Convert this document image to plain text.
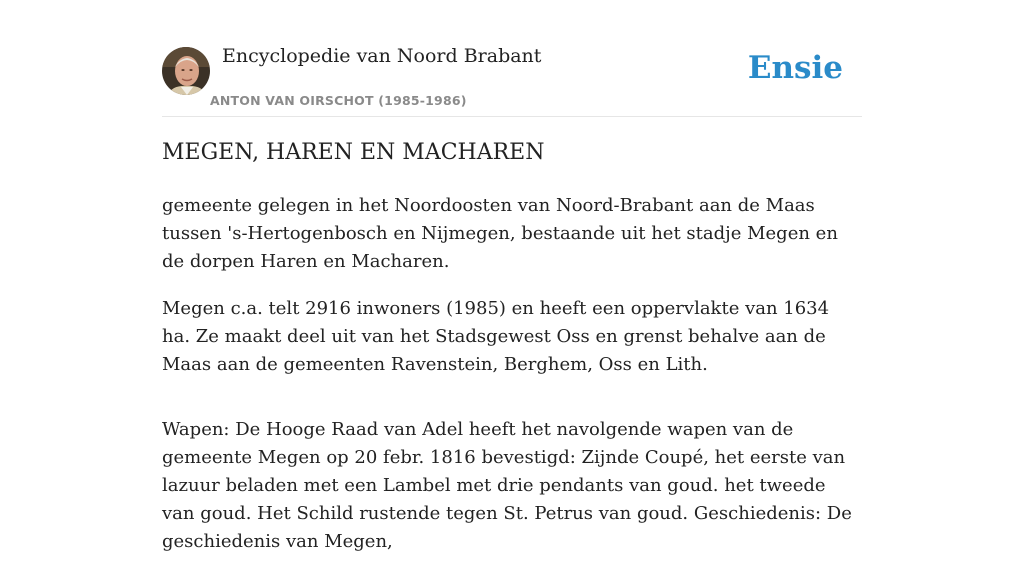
Encyclopedie van Noord Brabant
ANTON VAN OIRSCHOT (1985-1986)
Ensie
MEGEN, HAREN EN MACHAREN

gemeente gelegen in het Noordoosten van Noord-Brabant aan de Maas tussen 's-Hertogenbosch en Nijmegen, bestaande uit het stadje Megen en de dorpen Haren en Macharen.

Megen c.a. telt 2916 inwoners (1985) en heeft een oppervlakte van 1634 ha. Ze maakt deel uit van het Stadsgewest Oss en grenst behalve aan de Maas aan de gemeenten Ravenstein, Berghem, Oss en Lith.

Wapen: De Hooge Raad van Adel heeft het navolgende wapen van de gemeente Megen op 20 febr. 1816 bevestigd: Zijnde Coupé, het eerste van lazuur beladen met een Lambel met drie pendants van goud. het tweede van goud. Het Schild rustende tegen St. Petrus van goud. Geschiedenis: De geschiedenis van Megen,
